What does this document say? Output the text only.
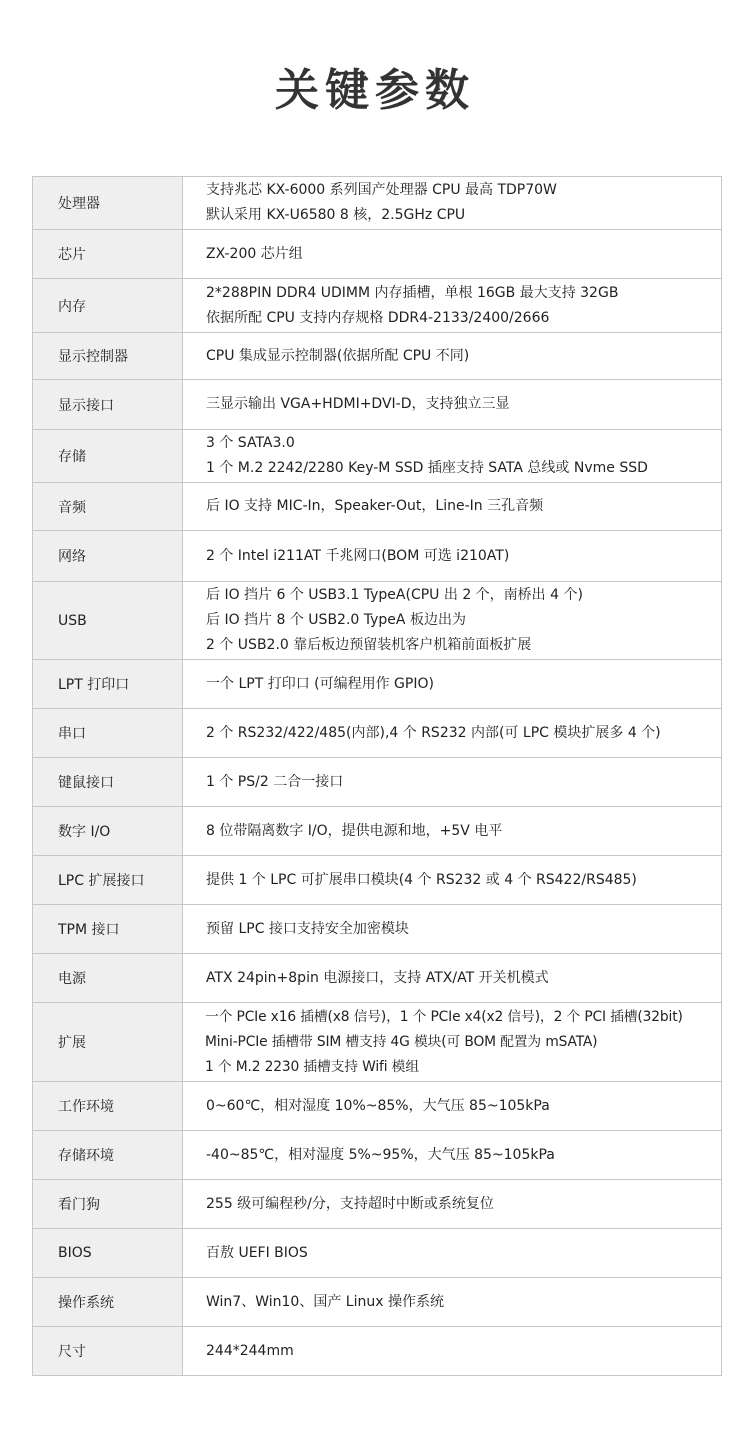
关键参数
处理器	支持兆芯 KX-6000 系列国产处理器 CPU 最高 TDP70W
默认采用 KX-U6580 8 核，2.5GHz CPU

芯片	ZX-200 芯片组

内存	2*288PIN DDR4 UDIMM 内存插槽，单根 16GB 最大支持 32GB
依据所配 CPU 支持内存规格 DDR4-2133/2400/2666

显示控制器	CPU 集成显示控制器(依据所配 CPU 不同)

显示接口	三显示输出 VGA+HDMI+DVI-D，支持独立三显

存储	3 个 SATA3.0
1 个 M.2 2242/2280 Key-M SSD 插座支持 SATA 总线或 Nvme SSD

音频	后 IO 支持 MIC-In，Speaker-Out，Line-In 三孔音频

网络	2 个 Intel i211AT 千兆网口(BOM 可选 i210AT)

USB	后 IO 挡片 6 个 USB3.1 TypeA(CPU 出 2 个，南桥出 4 个)
后 IO 挡片 8 个 USB2.0 TypeA 板边出为
2 个 USB2.0 靠后板边预留装机客户机箱前面板扩展

LPT 打印口	一个 LPT 打印口 (可编程用作 GPIO)

串口	2 个 RS232/422/485(内部),4 个 RS232 内部(可 LPC 模块扩展多 4 个)

键鼠接口	1 个 PS/2 二合一接口

数字 I/O	8 位带隔离数字 I/O，提供电源和地，+5V 电平

LPC 扩展接口	提供 1 个 LPC 可扩展串口模块(4 个 RS232 或 4 个 RS422/RS485)

TPM 接口	预留 LPC 接口支持安全加密模块

电源	ATX 24pin+8pin 电源接口，支持 ATX/AT 开关机模式

扩展	一个 PCIe x16 插槽(x8 信号)，1 个 PCIe x4(x2 信号)，2 个 PCI 插槽(32bit)
Mini-PCIe 插槽带 SIM 槽支持 4G 模块(可 BOM 配置为 mSATA)
1 个 M.2 2230 插槽支持 Wifi 模组

工作环境	0~60℃，相对湿度 10%~85%，大气压 85~105kPa

存储环境	-40~85℃，相对湿度 5%~95%，大气压 85~105kPa

看门狗	255 级可编程秒/分，支持超时中断或系统复位

BIOS	百敖 UEFI BIOS

操作系统	Win7、Win10、国产 Linux 操作系统

尺寸	244*244mm
